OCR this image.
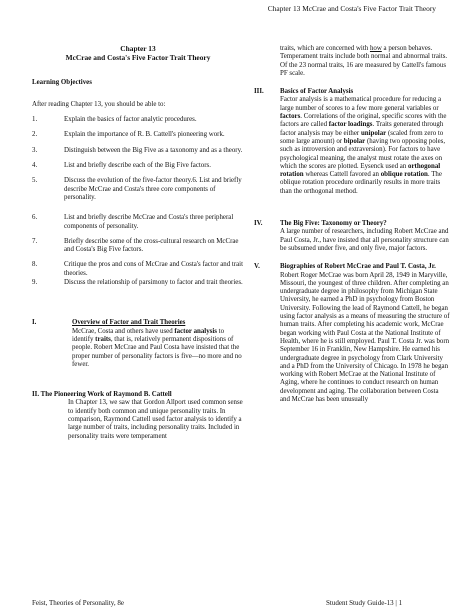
Chapter 13 McCrae and Costa's Five Factor Trait Theory
Chapter 13
McCrae and Costa's Five Factor Trait Theory
Learning Objectives
After reading Chapter 13, you should be able to:
1.	Explain the basics of factor analytic procedures.
2.	Explain the importance of R. B. Cattell's pioneering work.
3.	Distinguish between the Big Five as a taxonomy and as a theory.
4.	List and briefly describe each of the Big Five factors.
5.	Discuss the evolution of the five-factor theory.6. List and briefly describe McCrae and Costa's three core components of personality.
6.	List and briefly describe McCrae and Costa's three peripheral components of personality.
7.	Briefly describe some of the cross-cultural research on McCrae and Costa's Big Five factors.
8.	Critique the pros and cons of McCrae and Costa's factor and trait theories.
9.	Discuss the relationship of parsimony to factor and trait theories.
I.	Overview of Factor and Trait Theories

McCrae, Costa and others have used factor analysis to identify traits, that is, relatively permanent dispositions of people. Robert McCrae and Paul Costa have insisted that the proper number of personality factors is five—no more and no fewer.

II. The Pioneering Work of Raymond B. Cattell

In Chapter 13, we saw that Gordon Allport used common sense to identify both common and unique personality traits. In comparison, Raymond Cattell used factor analysis to identify a large number of traits, including personality traits. Included in personality traits were temperament

traits, which are concerned with how a person behaves. Temperament traits include both normal and abnormal traits. Of the 23 normal traits, 16 are measured by Cattell's famous PF scale.

III.	Basics of Factor Analysis

Factor analysis is a mathematical procedure for reducing a large number of scores to a few more general variables or factors. Correlations of the original, specific scores with the factors are called factor loadings. Traits generated through factor analysis may be either unipolar (scaled from zero to some large amount) or bipolar (having two opposing poles, such as introversion and extraversion). For factors to have psychological meaning, the analyst must rotate the axes on which the scores are plotted. Eysenck used an orthogonal rotation whereas Cattell favored an oblique rotation. The oblique rotation procedure ordinarily results in more traits than the orthogonal method.

IV.	The Big Five: Taxonomy or Theory?

A large number of researchers, including Robert McCrae and Paul Costa, Jr., have insisted that all personality structure can be subsumed under five, and only five, major factors.

V.	Biographies of Robert McCrae and Paul T. Costa, Jr.

Robert Roger McCrae was born April 28, 1949 in Maryville, Missouri, the youngest of three children. After completing an undergraduate degree in philosophy from Michigan State University, he earned a PhD in psychology from Boston University. Following the lead of Raymond Cattell, he began using factor analysis as a means of measuring the structure of human traits. After completing his academic work, McCrae began working with Paul Costa at the National Institute of Health, where he is still employed. Paul T. Costa Jr. was born September 16 in Franklin, New Hampshire. He earned his undergraduate degree in psychology from Clark University and a PhD from the University of Chicago. In 1978 he began working with Robert McCrae at the National Institute of Aging, where he continues to conduct research on human development and aging. The collaboration between Costa and McCrae has been unusually

Feist, Theories of Personality, 8e	Student Study Guide-13 | 1
